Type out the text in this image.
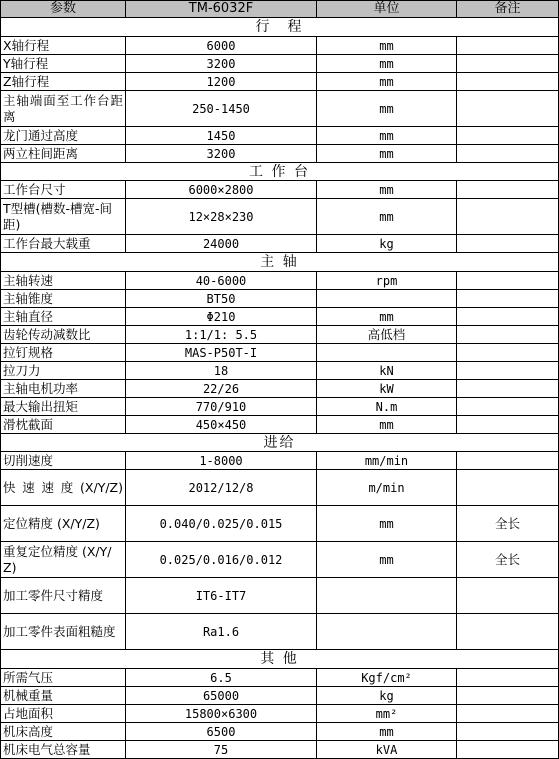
参数	TM-6032F	单位	备注
行　程			
X轴行程	6000	mm	
Y轴行程	3200	mm	
Z轴行程	1200	mm	
主轴端面至工作台距离	250-1450	mm	
龙门通过高度	1450	mm	
两立柱间距离	3200	mm	
工 作 台			
工作台尺寸	6000×2800	mm	
T型槽(槽数-槽宽-间距)	12×28×230	mm	
工作台最大载重	24000	kg	
主 轴			
主轴转速	40-6000	rpm	
主轴锥度	BT50		
主轴直径	Φ210	mm	
齿轮传动减数比	1:1/1: 5.5	高低档	
拉钉规格	MAS-P50T-I		
拉刀力	18	kN	
主轴电机功率	22/26	kW	
最大输出扭矩	770/910	N.m	
滑枕截面	450×450	mm	
进给			
切削速度	1-8000	mm/min	
快 速 速 度 (X/Y/Z)	2012/12/8	m/min	
定位精度 (X/Y/Z)	0.040/0.025/0.015	mm	全长
重复定位精度 (X/Y/Z)	0.025/0.016/0.012	mm	全长
加工零件尺寸精度	IT6-IT7		
加工零件表面粗糙度	Ra1.6		
其 他			
所需气压	6.5	Kgf/cm²	
机械重量	65000	kg	
占地面积	15800×6300	mm²	
机床高度	6500	mm	
机床电气总容量	75	kVA	
